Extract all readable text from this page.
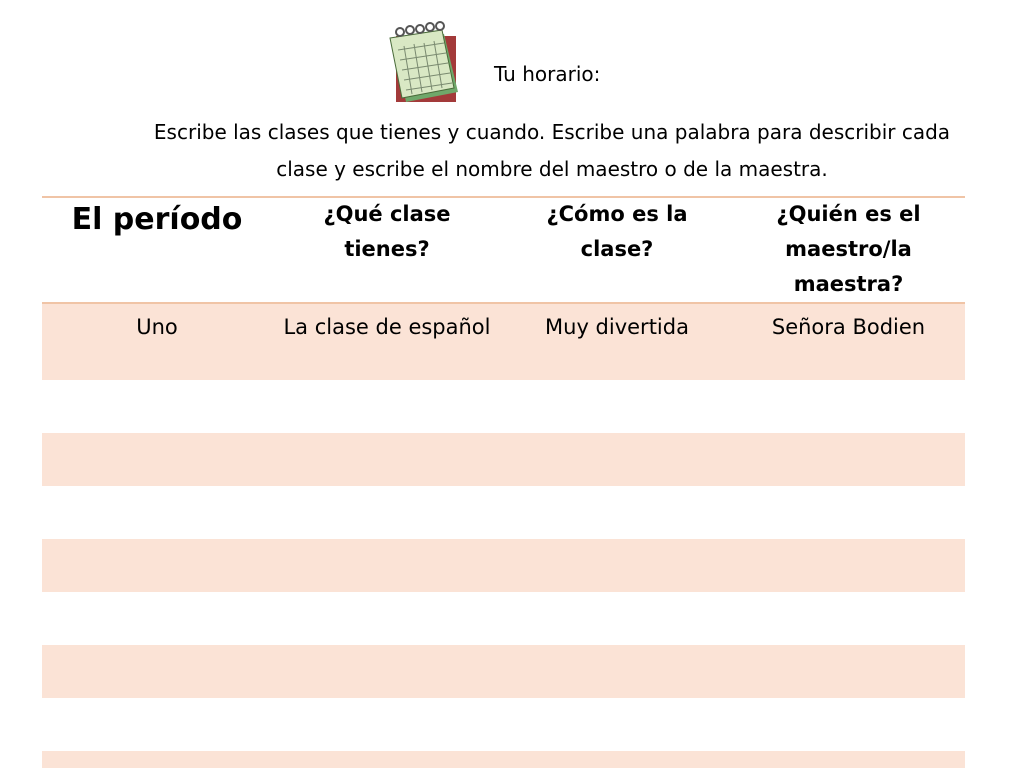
Tu horario:
Escribe las clases que tienes y cuando. Escribe una palabra para describir cada
clase y escribe el nombre del maestro o de la maestra.
El período	¿Qué clase tienes?	¿Cómo es la clase?	¿Quién es el maestro/la maestra?
Uno	La clase de español	Muy divertida	Señora Bodien
